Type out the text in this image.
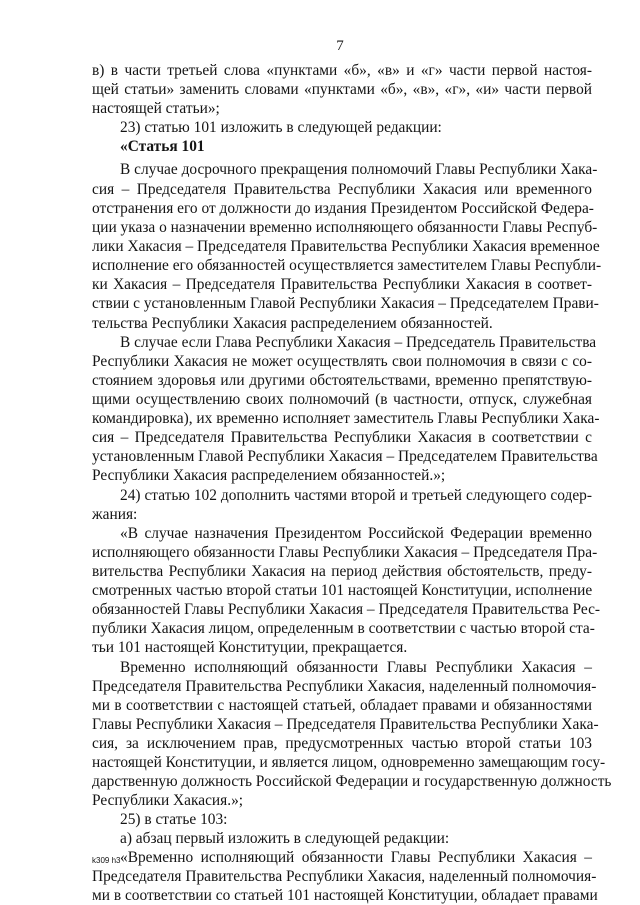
7
в) в части третьей слова «пунктами «б», «в» и «г» части первой настоя-
щей статьи» заменить словами «пунктами «б», «в», «г», «и» части первой
настоящей статьи»;
23) статью 101 изложить в следующей редакции:
«Статья 101
В случае досрочного прекращения полномочий Главы Республики Хака-
сия – Председателя Правительства Республики Хакасия или временного
отстранения его от должности до издания Президентом Российской Федера-
ции указа о назначении временно исполняющего обязанности Главы Респуб-
лики Хакасия – Председателя Правительства Республики Хакасия временное
исполнение его обязанностей осуществляется заместителем Главы Республи-
ки Хакасия – Председателя Правительства Республики Хакасия в соответ-
ствии с установленным Главой Республики Хакасия – Председателем Прави-
тельства Республики Хакасия распределением обязанностей.
В случае если Глава Республики Хакасия – Председатель Правительства
Республики Хакасия не может осуществлять свои полномочия в связи с со-
стоянием здоровья или другими обстоятельствами, временно препятствую-
щими осуществлению своих полномочий (в частности, отпуск, служебная
командировка), их временно исполняет заместитель Главы Республики Хака-
сия – Председателя Правительства Республики Хакасия в соответствии с
установленным Главой Республики Хакасия – Председателем Правительства
Республики Хакасия распределением обязанностей.»;
24) статью 102 дополнить частями второй и третьей следующего содер-
жания:
«В случае назначения Президентом Российской Федерации временно
исполняющего обязанности Главы Республики Хакасия – Председателя Пра-
вительства Республики Хакасия на период действия обстоятельств, преду-
смотренных частью второй статьи 101 настоящей Конституции, исполнение
обязанностей Главы Республики Хакасия – Председателя Правительства Рес-
публики Хакасия лицом, определенным в соответствии с частью второй ста-
тьи 101 настоящей Конституции, прекращается.
Временно исполняющий обязанности Главы Республики Хакасия –
Председателя Правительства Республики Хакасия, наделенный полномочия-
ми в соответствии с настоящей статьей, обладает правами и обязанностями
Главы Республики Хакасия – Председателя Правительства Республики Хака-
сия, за исключением прав, предусмотренных частью второй статьи 103
настоящей Конституции, и является лицом, одновременно замещающим госу-
дарственную должность Российской Федерации и государственную должность
Республики Хакасия.»;
25) в статье 103:
а) абзац первый изложить в следующей редакции:
«Временно исполняющий обязанности Главы Республики Хакасия –
Председателя Правительства Республики Хакасия, наделенный полномочия-
ми в соответствии со статьей 101 настоящей Конституции, обладает правами
k309 h3
